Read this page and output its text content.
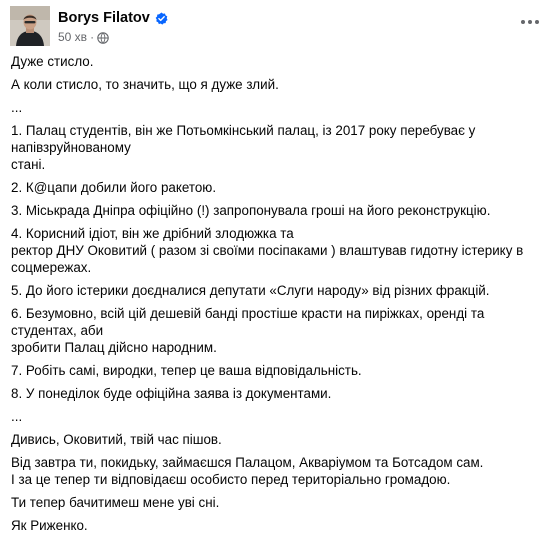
Borys Filatov
50 хв ·

Дуже стисло.

А коли стисло, то значить, що я дуже злий.

...

1. Палац студентів, він же Потьомкінський палац, із 2017 року перебуває у напівзруйнованому

стані.

2. К@цапи добили його ракетою.

3. Міськрада Дніпра офіційно (!) запропонувала гроші на його реконструкцію.

4. Корисний ідіот, він же дрібний злодюжка та

ректор ДНУ Оковитий ( разом зі своїми посіпаками ) влаштував гидотну істерику в соцмережах.

5. До його істерики доєдналися депутати «Слуги народу» від різних фракцій.

6. Безумовно, всій цій дешевій банді простіше красти на пиріжках, оренді та студентах, аби

зробити Палац дійсно народним.

7. Робіть самі, виродки, тепер це ваша відповідальність.

8. У понеділок буде офіційна заява із документами.

...

Дивись, Оковитий, твій час пішов.

Від завтра ти, покидьку, займаєшся Палацом, Акваріумом та Ботсадом сам.

І за це тепер ти відповідаєш особисто перед територіально громадою.

Ти тепер бачитимеш мене уві сні.

Як Риженко.
